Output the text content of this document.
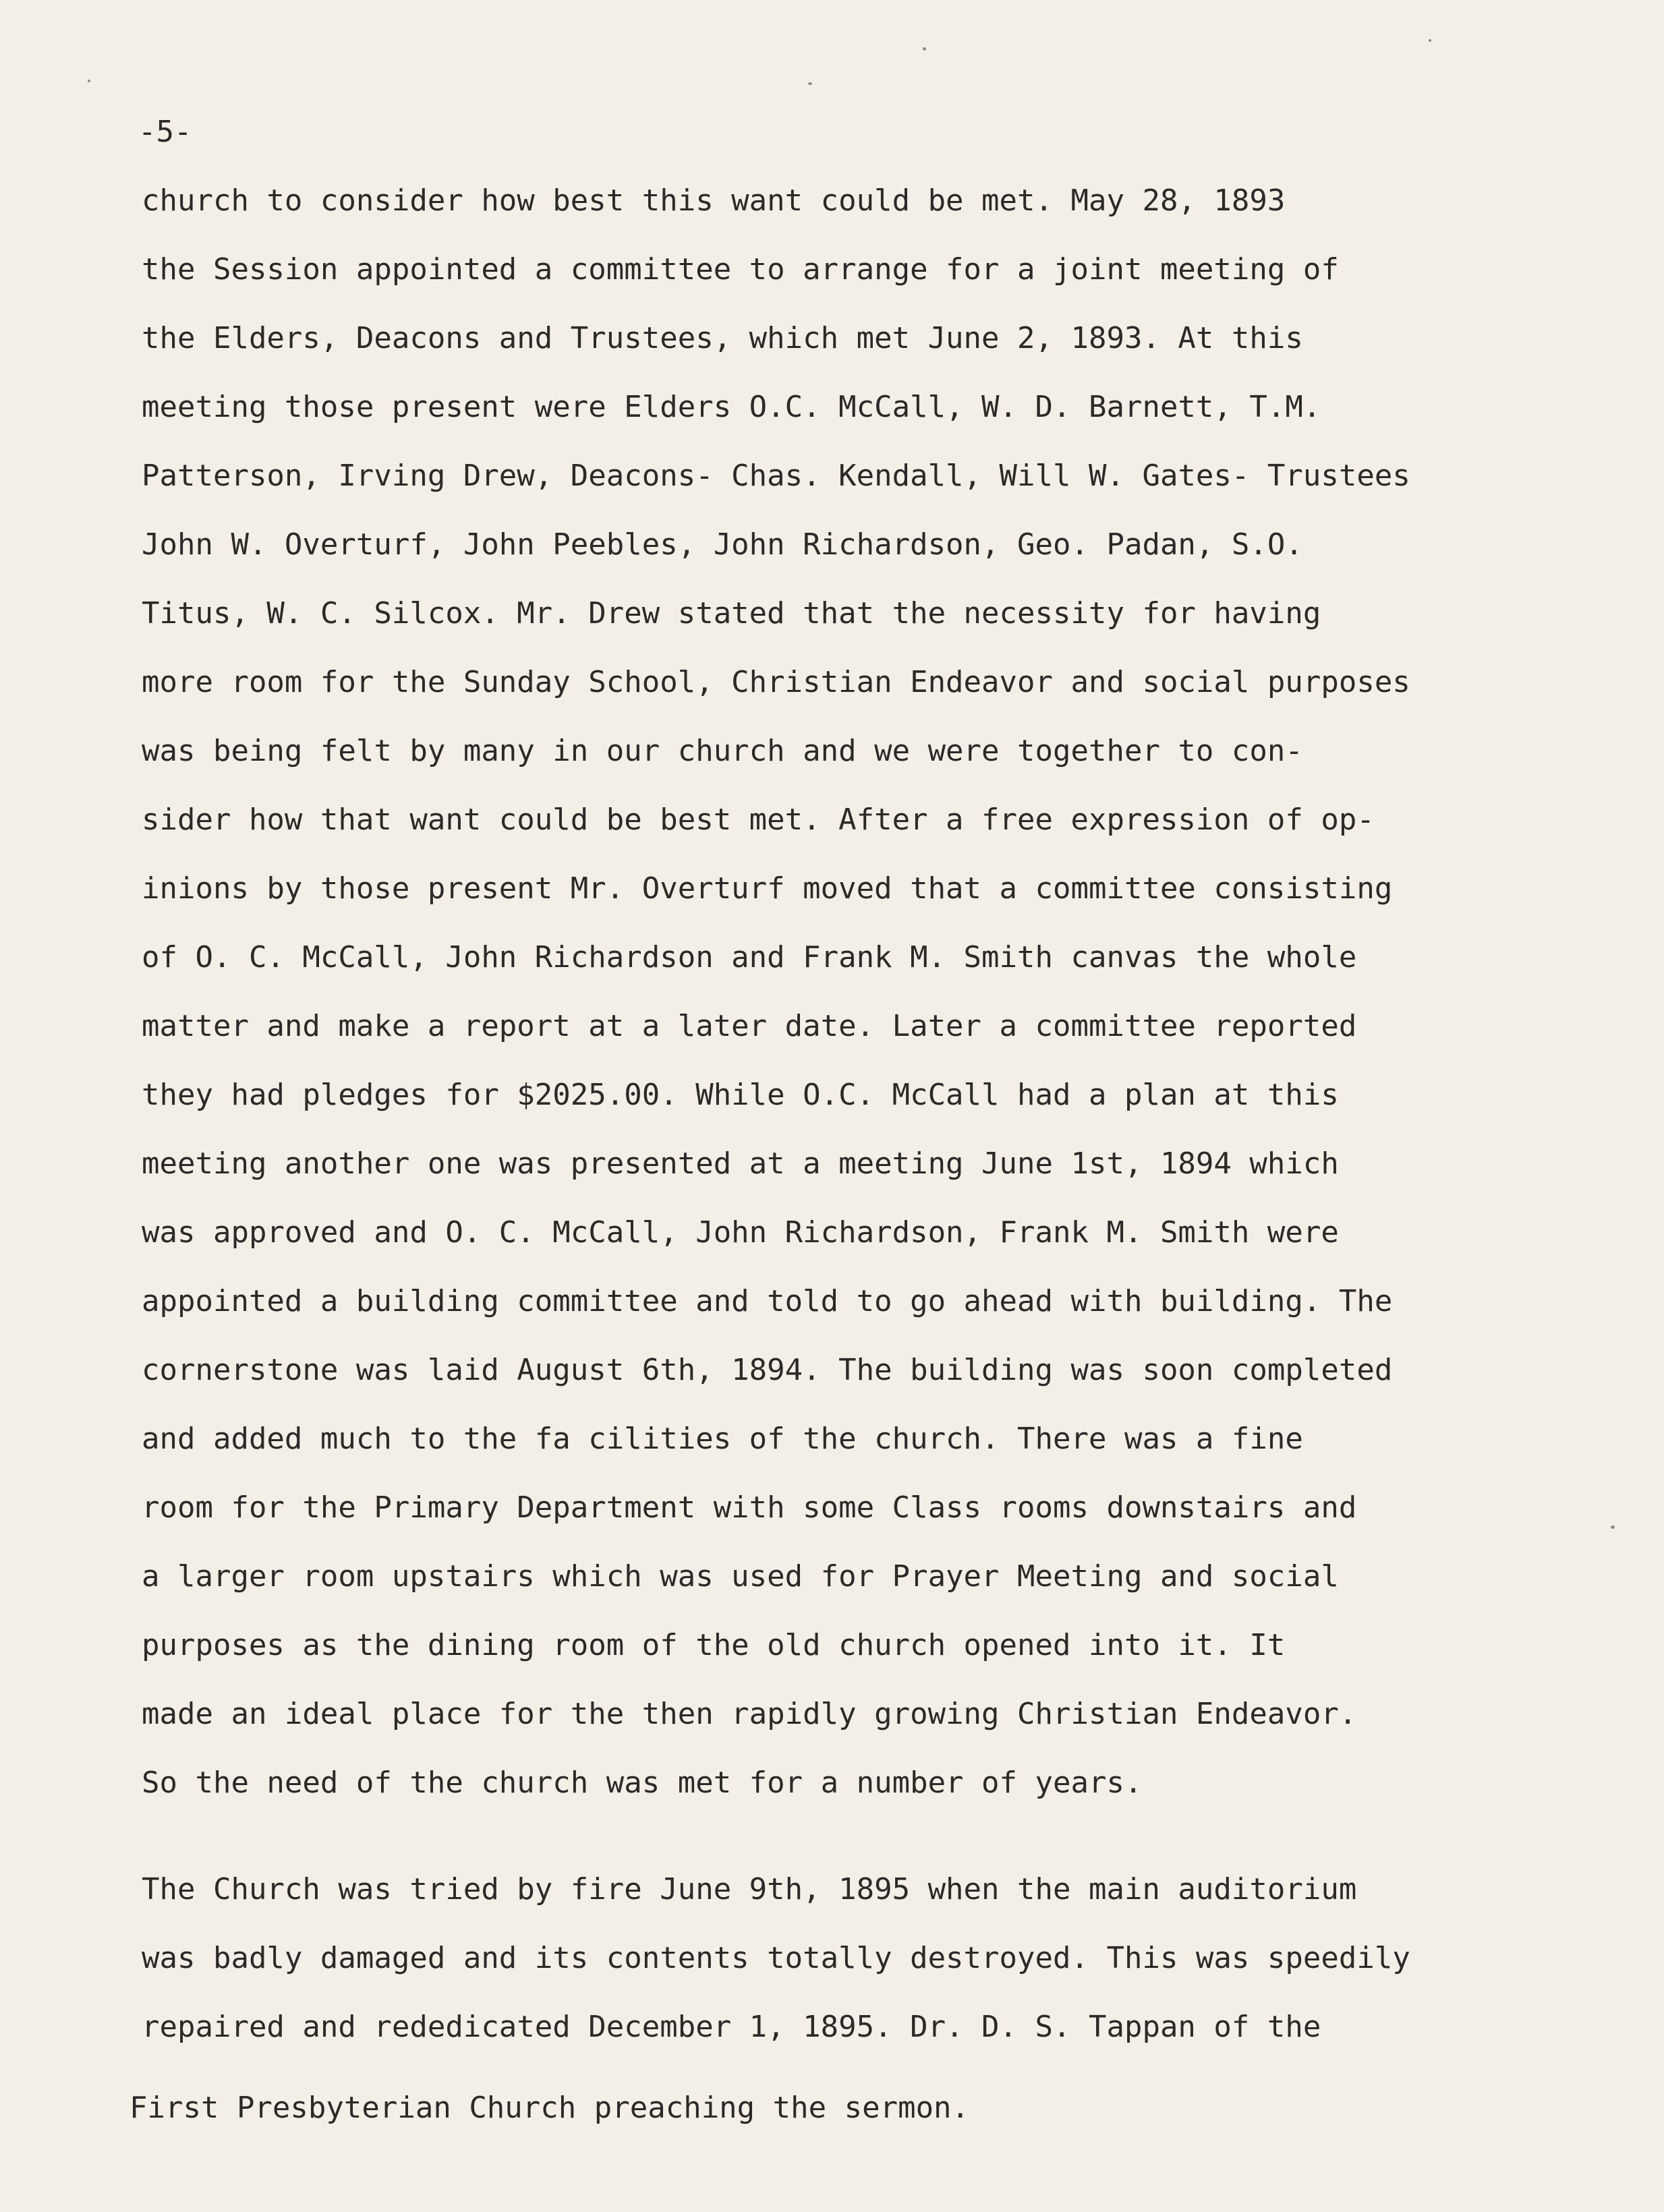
-5-
church to consider how best this want could be met. May 28, 1893
the Session appointed a committee to arrange for a joint meeting of
the Elders, Deacons and Trustees, which met June 2, 1893. At this
meeting those present were Elders O.C. McCall, W. D. Barnett, T.M.
Patterson, Irving Drew, Deacons- Chas. Kendall, Will W. Gates- Trustees
John W. Overturf, John Peebles, John Richardson, Geo. Padan, S.O.
Titus, W. C. Silcox. Mr. Drew stated that the necessity for having
more room for the Sunday School, Christian Endeavor and social purposes
was being felt by many in our church and we were together to con-
sider how that want could be best met. After a free expression of op-
inions by those present Mr. Overturf moved that a committee consisting
of O. C. McCall, John Richardson and Frank M. Smith canvas the whole
matter and make a report at a later date. Later a committee reported
they had pledges for $2025.00. While O.C. McCall had a plan at this
meeting another one was presented at a meeting June 1st, 1894 which
was approved and O. C. McCall, John Richardson, Frank M. Smith were
appointed a building committee and told to go ahead with building. The
cornerstone was laid August 6th, 1894. The building was soon completed
and added much to the fa cilities of the church. There was a fine
room for the Primary Department with some Class rooms downstairs and
a larger room upstairs which was used for Prayer Meeting and social
purposes as the dining room of the old church opened into it. It
made an ideal place for the then rapidly growing Christian Endeavor.
So the need of the church was met for a number of years.
The Church was tried by fire June 9th, 1895 when the main auditorium
was badly damaged and its contents totally destroyed. This was speedily
repaired and rededicated December 1, 1895. Dr. D. S. Tappan of the
First Presbyterian Church preaching the sermon.
